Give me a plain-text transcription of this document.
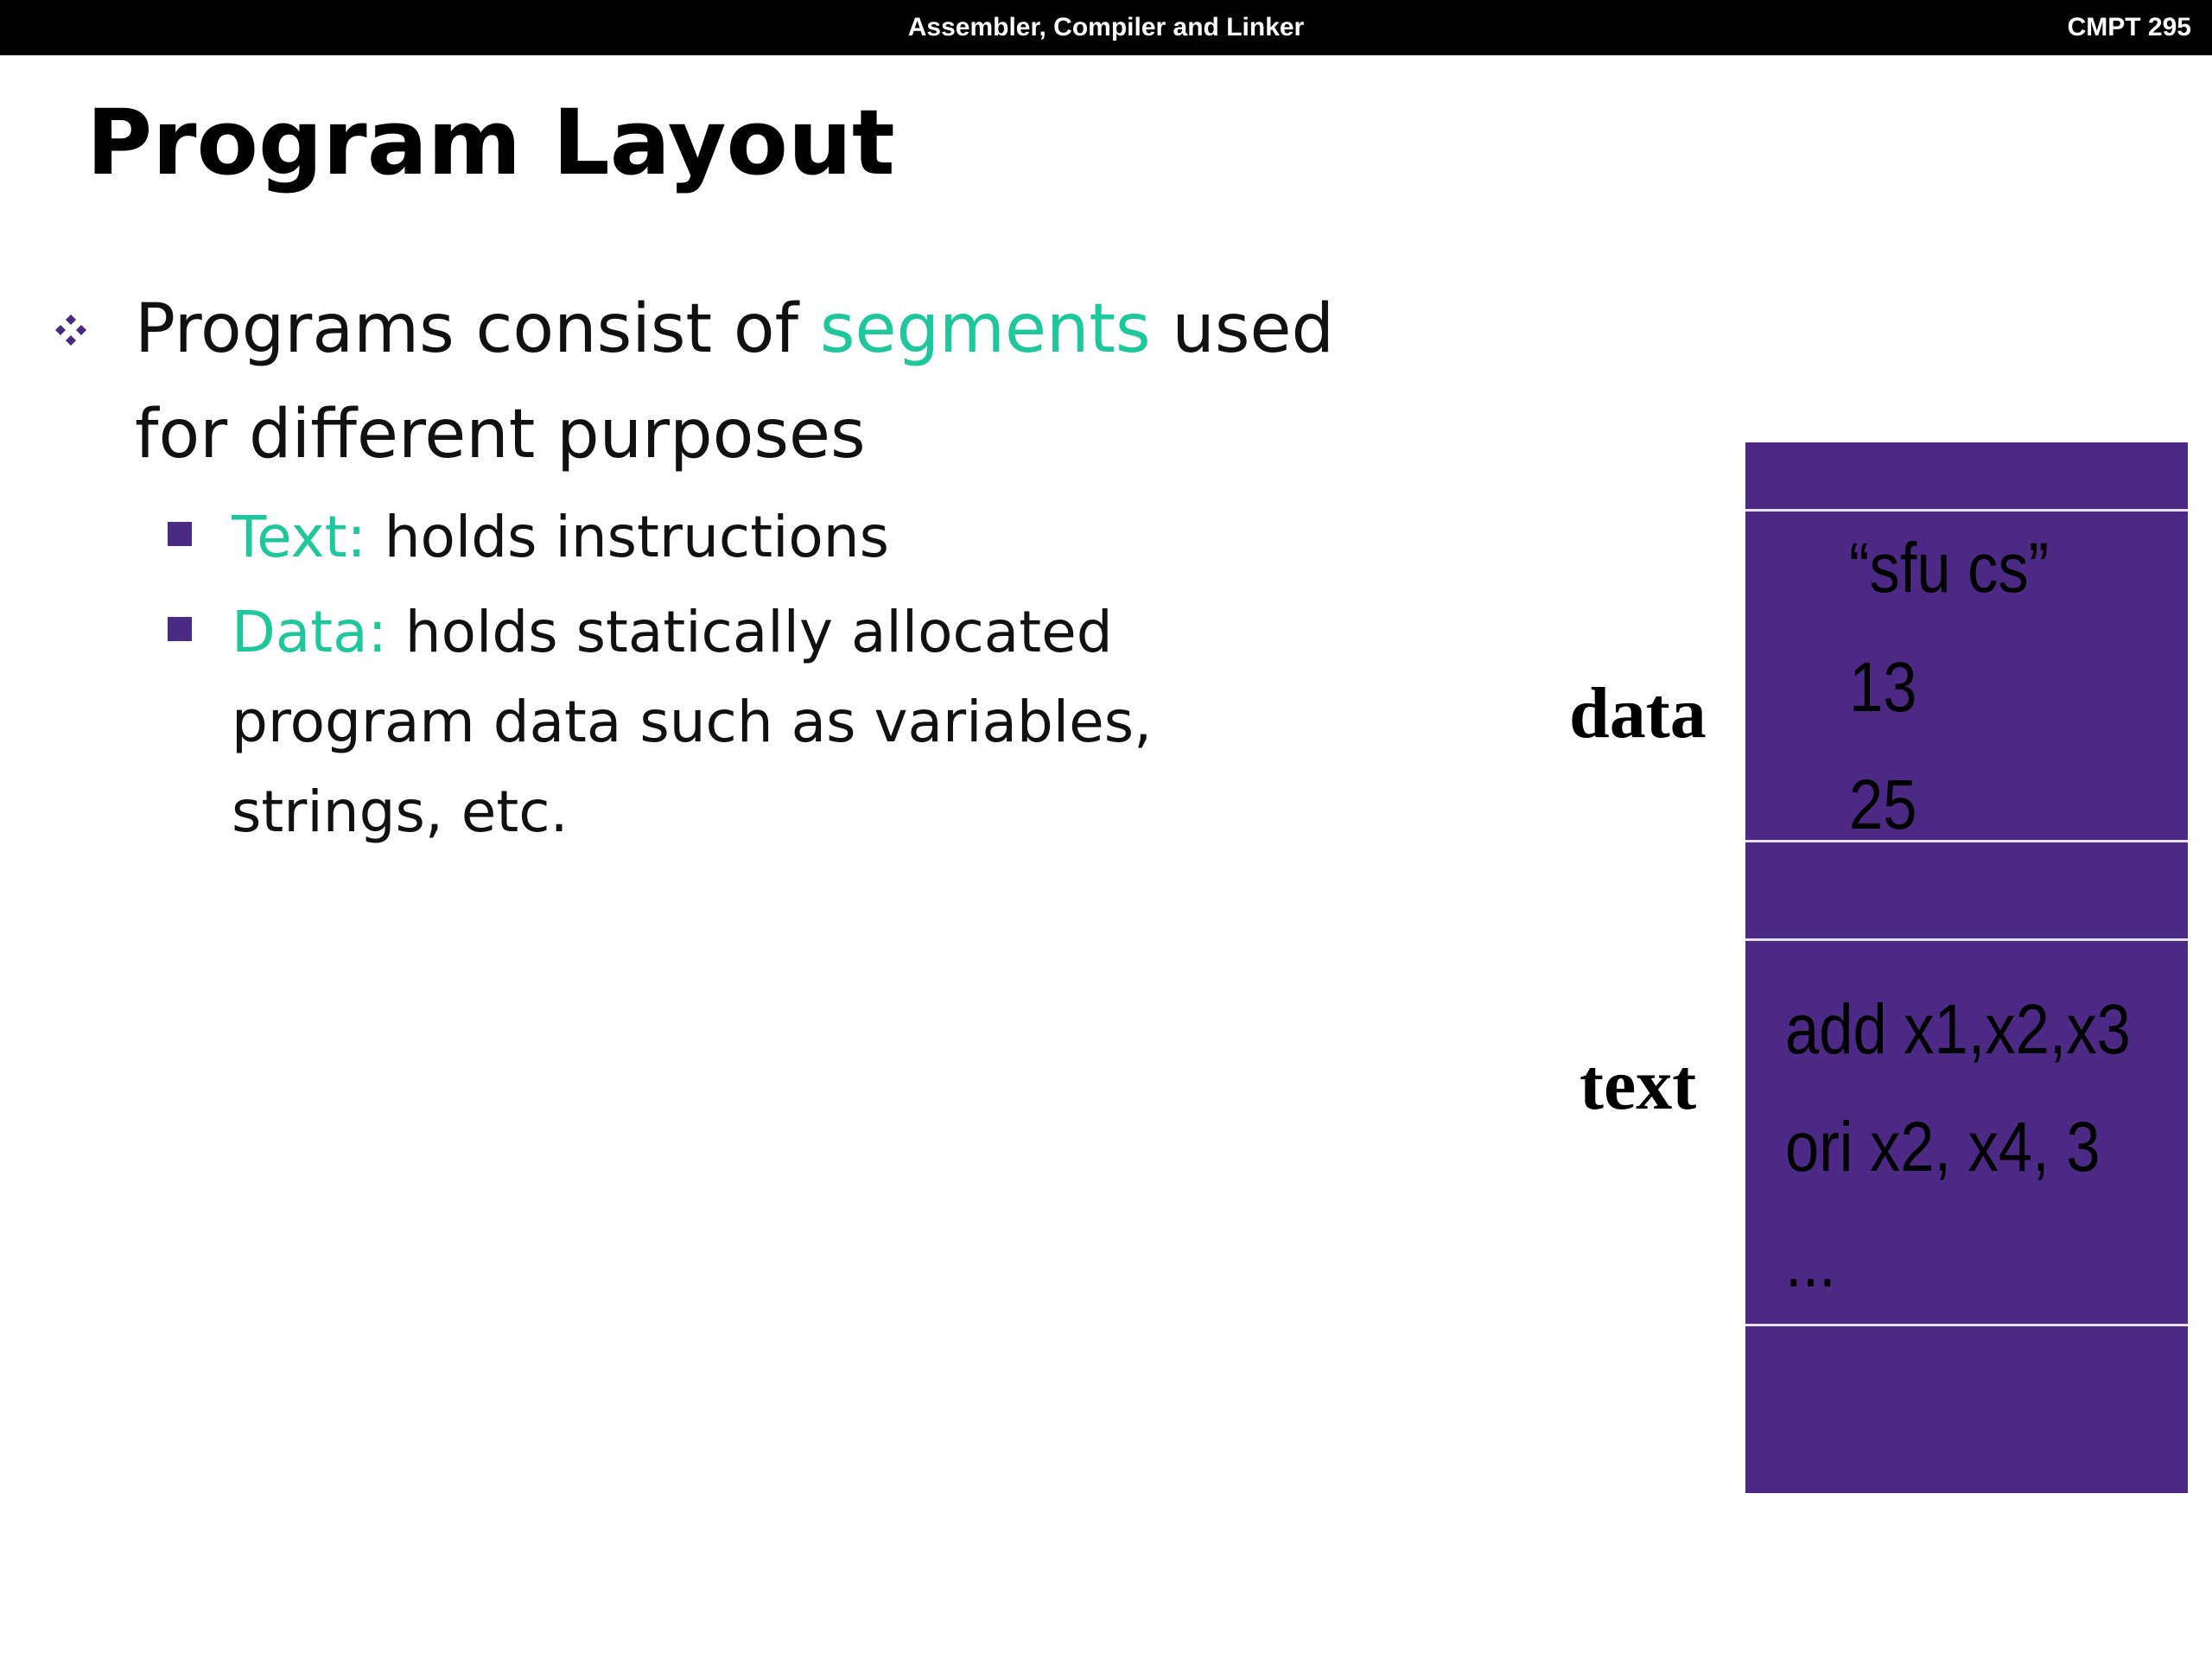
Assembler, Compiler and Linker	CMPT 295
Program Layout
Programs consist of segments used
for different purposes
Text: holds instructions
Data: holds statically allocated
program data such as variables,
strings, etc.
data
text
“sfu cs”
13
25
add x1,x2,x3
ori x2, x4, 3
...
